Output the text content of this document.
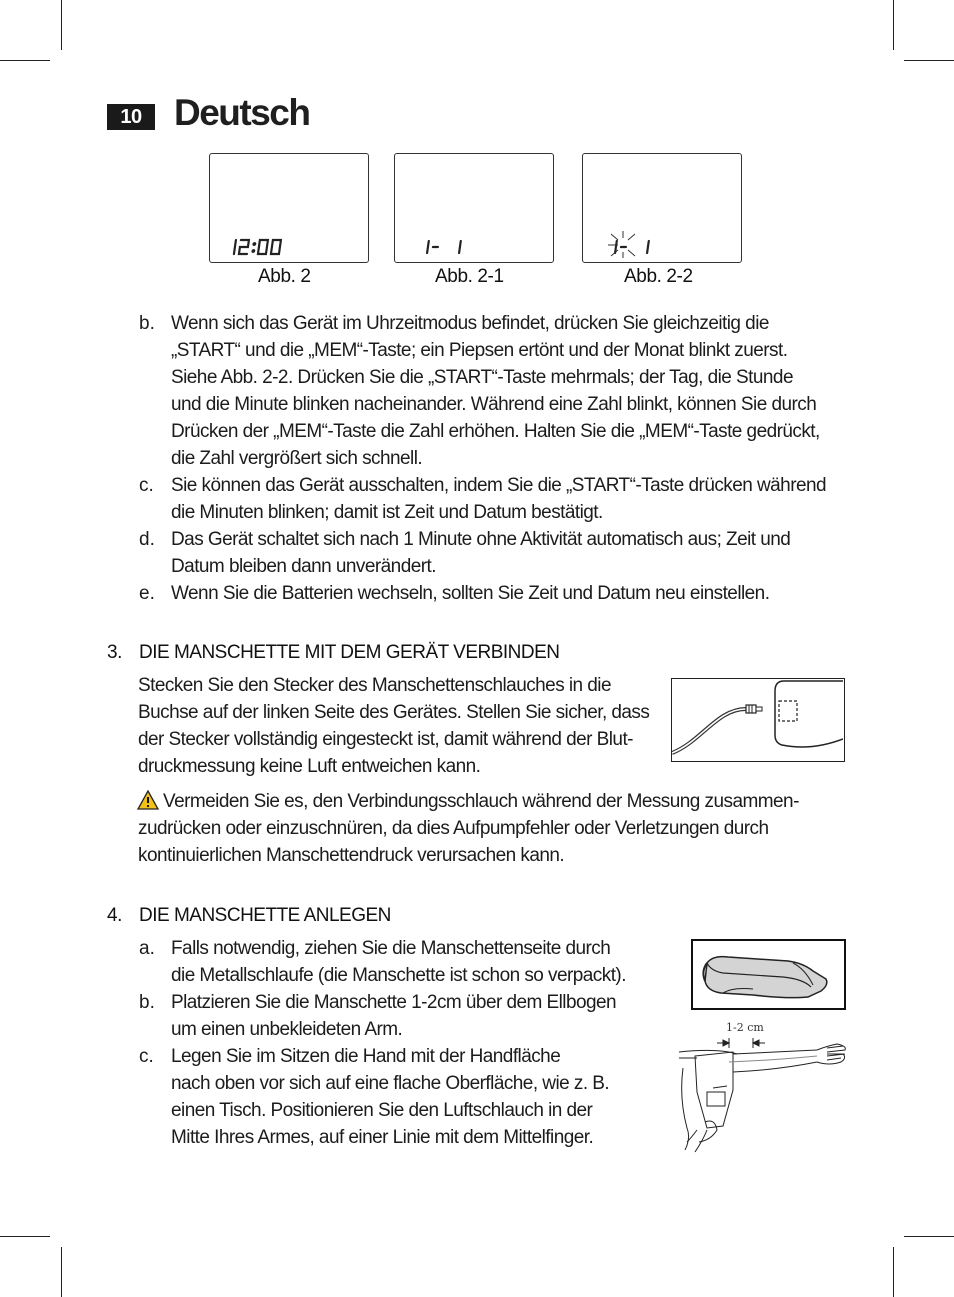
10 Deutsch
Abb. 2	Abb. 2-1	Abb. 2-2
b. Wenn sich das Gerät im Uhrzeitmodus befindet, drücken Sie gleichzeitig die
„START“ und die „MEM“-Taste; ein Piepsen ertönt und der Monat blinkt zuerst.
Siehe Abb. 2-2. Drücken Sie die „START“-Taste mehrmals; der Tag, die Stunde
und die Minute blinken nacheinander. Während eine Zahl blinkt, können Sie durch
Drücken der „MEM“-Taste die Zahl erhöhen. Halten Sie die „MEM“-Taste gedrückt,
die Zahl vergrößert sich schnell.
c. Sie können das Gerät ausschalten, indem Sie die „START“-Taste drücken während
die Minuten blinken; damit ist Zeit und Datum bestätigt.
d. Das Gerät schaltet sich nach 1 Minute ohne Aktivität automatisch aus; Zeit und
Datum bleiben dann unverändert.
e. Wenn Sie die Batterien wechseln, sollten Sie Zeit und Datum neu einstellen.
3. DIE MANSCHETTE MIT DEM GERÄT VERBINDEN
Stecken Sie den Stecker des Manschettenschlauches in die
Buchse auf der linken Seite des Gerätes. Stellen Sie sicher, dass
der Stecker vollständig eingesteckt ist, damit während der Blut-
druckmessung keine Luft entweichen kann.
Vermeiden Sie es, den Verbindungsschlauch während der Messung zusammen-
zudrücken oder einzuschnüren, da dies Aufpumpfehler oder Verletzungen durch
kontinuierlichen Manschettendruck verursachen kann.
4. DIE MANSCHETTE ANLEGEN
a. Falls notwendig, ziehen Sie die Manschettenseite durch
die Metallschlaufe (die Manschette ist schon so verpackt).
b. Platzieren Sie die Manschette 1-2cm über dem Ellbogen
um einen unbekleideten Arm.
c. Legen Sie im Sitzen die Hand mit der Handfläche
nach oben vor sich auf eine flache Oberfläche, wie z. B.
einen Tisch. Positionieren Sie den Luftschlauch in der
Mitte Ihres Armes, auf einer Linie mit dem Mittelfinger.
1-2 cm
